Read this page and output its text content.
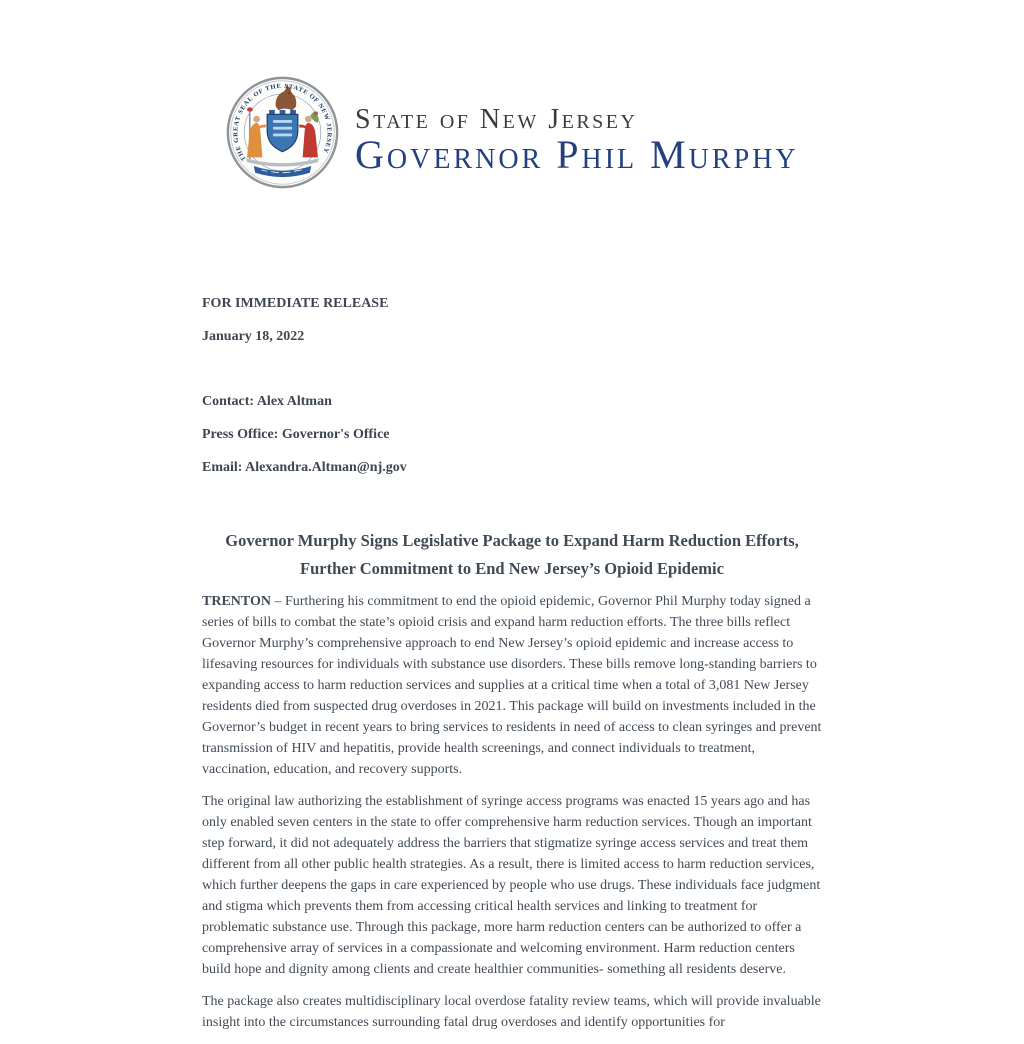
THE GREAT SEAL OF THE STATE OF NEW JERSEY
State of New Jersey
Governor Phil Murphy

FOR IMMEDIATE RELEASE

January 18, 2022

Contact: Alex Altman

Press Office: Governor's Office

Email: Alexandra.Altman@nj.gov

Governor Murphy Signs Legislative Package to Expand Harm Reduction Efforts, Further Commitment to End New Jersey’s Opioid Epidemic

TRENTON – Furthering his commitment to end the opioid epidemic, Governor Phil Murphy today signed a series of bills to combat the state’s opioid crisis and expand harm reduction efforts. The three bills reflect Governor Murphy’s comprehensive approach to end New Jersey’s opioid epidemic and increase access to lifesaving resources for individuals with substance use disorders. These bills remove long-standing barriers to expanding access to harm reduction services and supplies at a critical time when a total of 3,081 New Jersey residents died from suspected drug overdoses in 2021. This package will build on investments included in the Governor’s budget in recent years to bring services to residents in need of access to clean syringes and prevent transmission of HIV and hepatitis, provide health screenings, and connect individuals to treatment, vaccination, education, and recovery supports.

The original law authorizing the establishment of syringe access programs was enacted 15 years ago and has only enabled seven centers in the state to offer comprehensive harm reduction services. Though an important step forward, it did not adequately address the barriers that stigmatize syringe access services and treat them different from all other public health strategies. As a result, there is limited access to harm reduction services, which further deepens the gaps in care experienced by people who use drugs. These individuals face judgment and stigma which prevents them from accessing critical health services and linking to treatment for problematic substance use. Through this package, more harm reduction centers can be authorized to offer a comprehensive array of services in a compassionate and welcoming environment. Harm reduction centers build hope and dignity among clients and create healthier communities- something all residents deserve.

The package also creates multidisciplinary local overdose fatality review teams, which will provide invaluable insight into the circumstances surrounding fatal drug overdoses and identify opportunities for
